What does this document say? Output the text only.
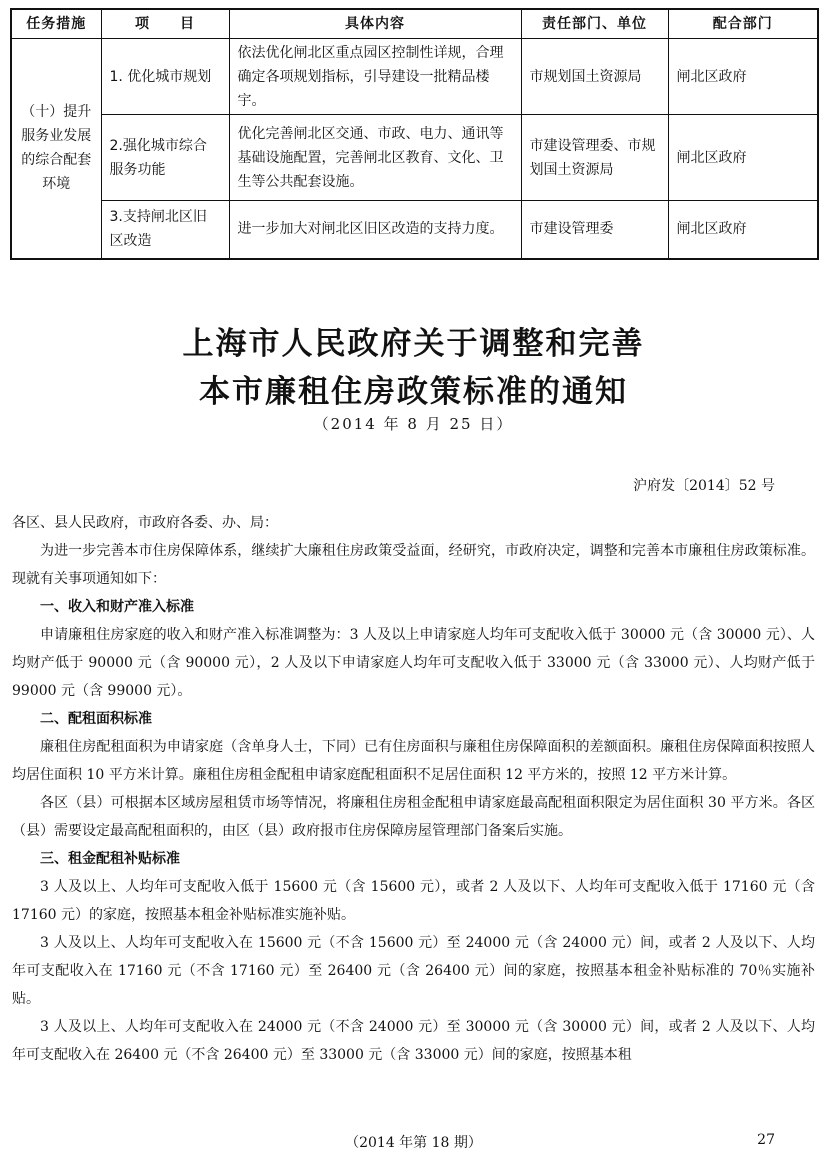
任务措施	项　　目	具体内容	责任部门、单位	配合部门
（十）提升服务业发展的综合配套环境	1. 优化城市规划	依法优化闸北区重点园区控制性详规，合理确定各项规划指标，引导建设一批精品楼宇。	市规划国土资源局	闸北区政府
	2.强化城市综合服务功能	优化完善闸北区交通、市政、电力、通讯等基础设施配置，完善闸北区教育、文化、卫生等公共配套设施。	市建设管理委、市规划国土资源局	闸北区政府
	3.支持闸北区旧区改造	进一步加大对闸北区旧区改造的支持力度。	市建设管理委	闸北区政府
上海市人民政府关于调整和完善
本市廉租住房政策标准的通知
（2014 年 8 月 25 日）
沪府发〔2014〕52 号

各区、县人民政府，市政府各委、办、局：

为进一步完善本市住房保障体系，继续扩大廉租住房政策受益面，经研究，市政府决定，调整和完善本市廉租住房政策标准。现就有关事项通知如下：

一、收入和财产准入标准

申请廉租住房家庭的收入和财产准入标准调整为：3 人及以上申请家庭人均年可支配收入低于 30000 元（含 30000 元）、人均财产低于 90000 元（含 90000 元），2 人及以下申请家庭人均年可支配收入低于 33000 元（含 33000 元）、人均财产低于 99000 元（含 99000 元）。

二、配租面积标准

廉租住房配租面积为申请家庭（含单身人士，下同）已有住房面积与廉租住房保障面积的差额面积。廉租住房保障面积按照人均居住面积 10 平方米计算。廉租住房租金配租申请家庭配租面积不足居住面积 12 平方米的，按照 12 平方米计算。

各区（县）可根据本区域房屋租赁市场等情况，将廉租住房租金配租申请家庭最高配租面积限定为居住面积 30 平方米。各区（县）需要设定最高配租面积的，由区（县）政府报市住房保障房屋管理部门备案后实施。

三、租金配租补贴标准

3 人及以上、人均年可支配收入低于 15600 元（含 15600 元），或者 2 人及以下、人均年可支配收入低于 17160 元（含 17160 元）的家庭，按照基本租金补贴标准实施补贴。

3 人及以上、人均年可支配收入在 15600 元（不含 15600 元）至 24000 元（含 24000 元）间，或者 2 人及以下、人均年可支配收入在 17160 元（不含 17160 元）至 26400 元（含 26400 元）间的家庭，按照基本租金补贴标准的 70％实施补贴。

3 人及以上、人均年可支配收入在 24000 元（不含 24000 元）至 30000 元（含 30000 元）间，或者 2 人及以下、人均年可支配收入在 26400 元（不含 26400 元）至 33000 元（含 33000 元）间的家庭，按照基本租

（2014 年第 18 期）	27
